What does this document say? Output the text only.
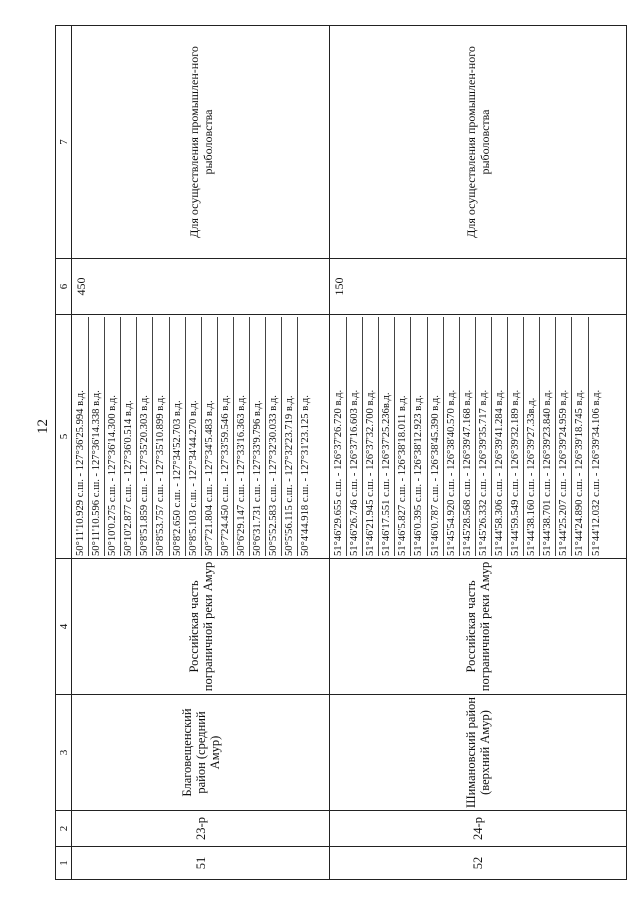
12
1
2
3
4
5
6
7
51
23-р
Благовещенский район (средний Амур)
Российская часть пограничной реки Амур
50°11'10.929 с.ш. - 127°36'25.994 в.д. 50°11'10.596 с.ш. - 127°36'14.338 в.д. 50°10'0.275 с.ш. - 127°36'14.300 в.д. 50°10'2.877 с.ш. - 127°36'0.514 в.д. 50°8'51.859 с.ш. - 127°35'20.303 в.д. 50°8'53.757 с.ш. - 127°35'10.899 в.д. 50°8'2.650 с.ш. - 127°34'52.703 в.д. 50°8'5.103 с.ш. - 127°34'44.270 в.д. 50°7'21.804 с.ш. - 127°34'5.483 в.д. 50°7'24.450 с.ш. - 127°33'59.546 в.д. 50°6'29.147 с.ш. - 127°33'16.363 в.д. 50°6'31.731 с.ш. - 127°33'9.796 в.д. 50°5'52.583 с.ш. - 127°32'30.033 в.д. 50°5'56.115 с.ш. - 127°32'23.719 в.д. 50°4'44.918 с.ш. - 127°31'23.125 в.д.
450
Для осуществления промышлен-ного рыболовства
52
24-р
Шимановский район (верхний Амур)
Российская часть пограничной реки Амур
51°46'29.655 с.ш. - 126°37'26.720 в.д. 51°46'26.746 с.ш. - 126°37'16.603 в.д. 51°46'21.945 с.ш. - 126°37'32.700 в.д. 51°46'17.551 с.ш. - 126°37'25.236в.д. 51°46'5.827 с.ш. - 126°38'18.011 в.д. 51°46'0.395 с.ш. - 126°38'12.923 в.д. 51°46'0.787 с.ш. - 126°38'45.390 в.д. 51°45'54.920 с.ш. - 126°38'40.570 в.д. 51°45'28.568 с.ш. - 126°39'47.168 в.д. 51°45'26.332 с.ш. - 126°39'35.717 в.д. 51°44'58.306 с.ш. - 126°39'41.284 в.д. 51°44'59.549 с.ш. - 126°39'32.189 в.д. 51°44'38.160 с.ш. - 126°39'27.33в.д. 51°44'38.701 с.ш. - 126°39'23.840 в.д. 51°44'25.207 с.ш. - 126°39'24.959 в.д. 51°44'24.890 с.ш. - 126°39'18.745 в.д. 51°44'12.032 с.ш. - 126°39'34.106 в.д.
150
Для осуществления промышлен-ного рыболовства
